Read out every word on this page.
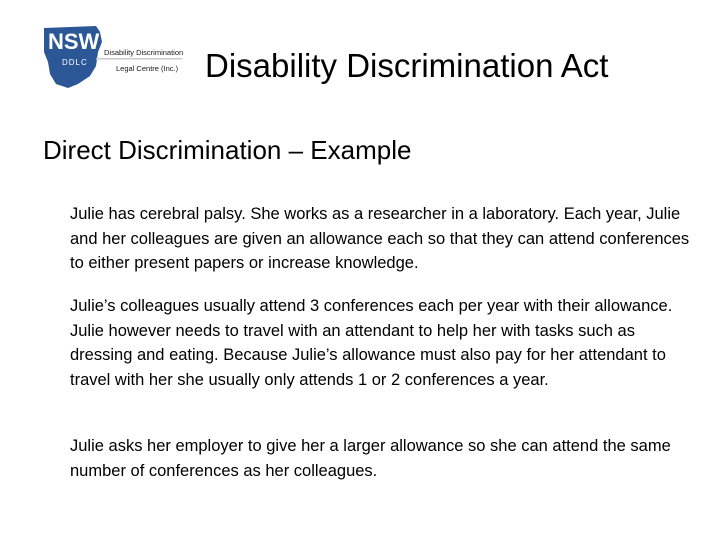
NSW
DDLC
Disability Discrimination
Legal Centre (Inc.) Disability Discrimination Act
Direct Discrimination – Example
Julie has cerebral palsy. She works as a researcher in a laboratory. Each year, Julie and her colleagues are given an allowance each so that they can attend conferences to either present papers or increase knowledge.
Julie’s colleagues usually attend 3 conferences each per year with their allowance. Julie however needs to travel with an attendant to help her with tasks such as dressing and eating. Because Julie’s allowance must also pay for her attendant to travel with her she usually only attends 1 or 2 conferences a year.
Julie asks her employer to give her a larger allowance so she can attend the same number of conferences as her colleagues.
